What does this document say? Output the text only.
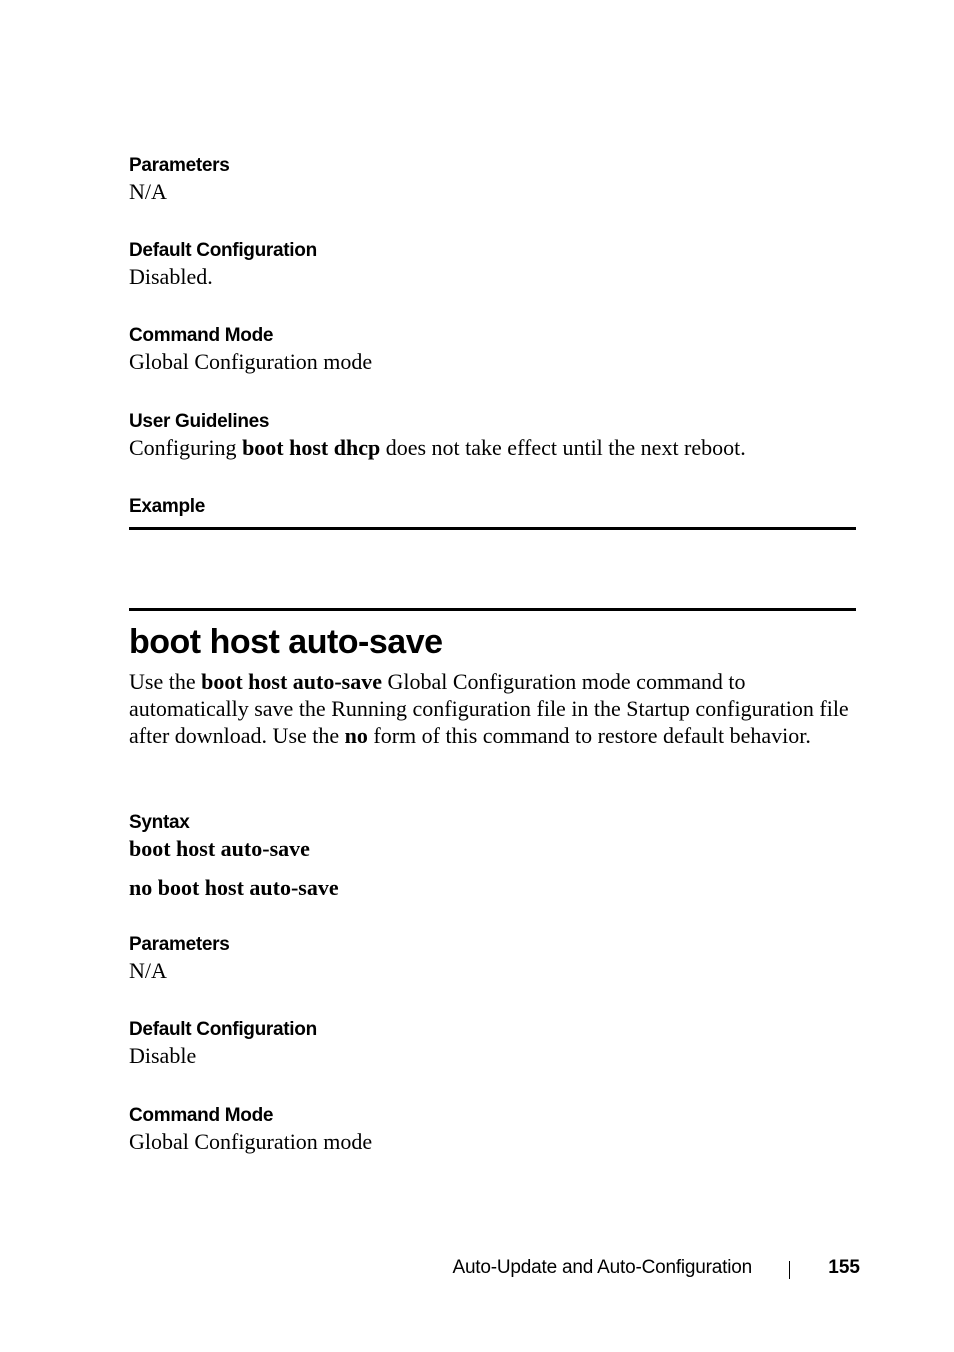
Parameters

N/A

Default Configuration

Disabled.

Command Mode

Global Configuration mode

User Guidelines

Configuring boot host dhcp does not take effect until the next reboot.

Example

boot host auto-save

Use the boot host auto-save Global Configuration mode command to automatically save the Running configuration file in the Startup configuration file after download. Use the no form of this command to restore default behavior.

Syntax

boot host auto-save

no boot host auto-save

Parameters

N/A

Default Configuration

Disable

Command Mode

Global Configuration mode

Auto-Update and Auto-Configuration	155
